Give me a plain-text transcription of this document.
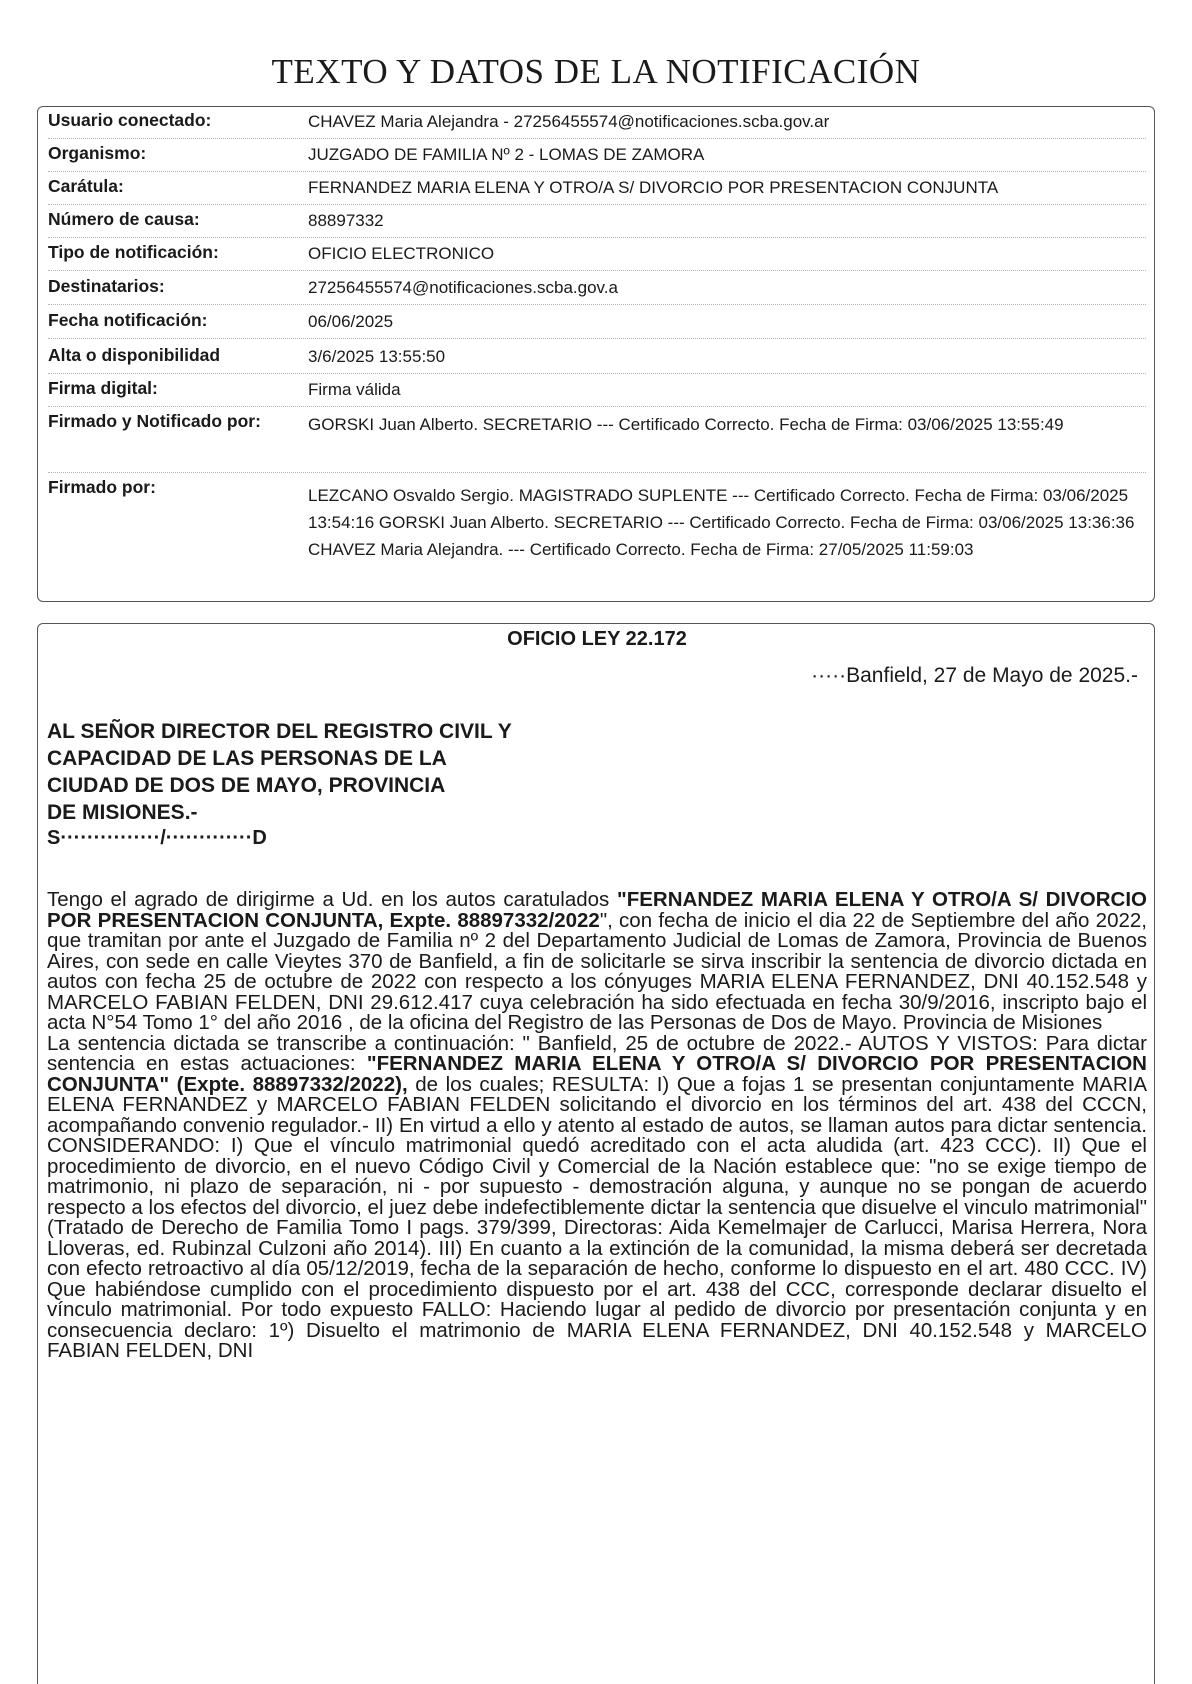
TEXTO Y DATOS DE LA NOTIFICACIÓN
Usuario conectado:	CHAVEZ Maria Alejandra - 27256455574@notificaciones.scba.gov.ar
Organismo:	JUZGADO DE FAMILIA Nº 2 - LOMAS DE ZAMORA
Carátula:	FERNANDEZ MARIA ELENA Y OTRO/A S/ DIVORCIO POR PRESENTACION CONJUNTA
Número de causa:	88897332
Tipo de notificación:	OFICIO ELECTRONICO
Destinatarios:	27256455574@notificaciones.scba.gov.a
Fecha notificación:	06/06/2025
Alta o disponibilidad	3/6/2025 13:55:50
Firma digital:	Firma válida
Firmado y Notificado por:	GORSKI Juan Alberto. SECRETARIO --- Certificado Correcto. Fecha de Firma: 03/06/2025 13:55:49
Firmado por:	LEZCANO Osvaldo Sergio. MAGISTRADO SUPLENTE --- Certificado Correcto. Fecha de Firma: 03/06/2025 13:54:16 GORSKI Juan Alberto. SECRETARIO --- Certificado Correcto. Fecha de Firma: 03/06/2025 13:36:36 CHAVEZ Maria Alejandra. --- Certificado Correcto. Fecha de Firma: 27/05/2025 11:59:03
OFICIO LEY 22.172
·····Banfield, 27 de Mayo de 2025.-
AL SEÑOR DIRECTOR DEL REGISTRO CIVIL Y
CAPACIDAD DE LAS PERSONAS DE LA
CIUDAD DE DOS DE MAYO, PROVINCIA
DE MISIONES.-
S···············/·············D

Tengo el agrado de dirigirme a Ud. en los autos caratulados "FERNANDEZ MARIA ELENA Y OTRO/A S/ DIVORCIO POR PRESENTACION CONJUNTA, Expte. 88897332/2022", con fecha de inicio el dia 22 de Septiembre del año 2022, que tramitan por ante el Juzgado de Familia nº 2 del Departamento Judicial de Lomas de Zamora, Provincia de Buenos Aires, con sede en calle Vieytes 370 de Banfield, a fin de solicitarle se sirva inscribir la sentencia de divorcio dictada en autos con fecha 25 de octubre de 2022 con respecto a los cónyuges MARIA ELENA FERNANDEZ, DNI 40.152.548 y MARCELO FABIAN FELDEN, DNI 29.612.417 cuya celebración ha sido efectuada en fecha 30/9/2016, inscripto bajo el acta N°54 Tomo 1° del año 2016 , de la oficina del Registro de las Personas de Dos de Mayo. Provincia de Misiones

La sentencia dictada se transcribe a continuación: " Banfield, 25 de octubre de 2022.- AUTOS Y VISTOS: Para dictar sentencia en estas actuaciones: "FERNANDEZ MARIA ELENA Y OTRO/A S/ DIVORCIO POR PRESENTACION CONJUNTA" (Expte. 88897332/2022), de los cuales; RESULTA: I) Que a fojas 1 se presentan conjuntamente MARIA ELENA FERNANDEZ y MARCELO FABIAN FELDEN solicitando el divorcio en los términos del art. 438 del CCCN, acompañando convenio regulador.- II) En virtud a ello y atento al estado de autos, se llaman autos para dictar sentencia. CONSIDERANDO: I) Que el vínculo matrimonial quedó acreditado con el acta aludida (art. 423 CCC). II) Que el procedimiento de divorcio, en el nuevo Código Civil y Comercial de la Nación establece que: "no se exige tiempo de matrimonio, ni plazo de separación, ni - por supuesto - demostración alguna, y aunque no se pongan de acuerdo respecto a los efectos del divorcio, el juez debe indefectiblemente dictar la sentencia que disuelve el vinculo matrimonial" (Tratado de Derecho de Familia Tomo I pags. 379/399, Directoras: Aida Kemelmajer de Carlucci, Marisa Herrera, Nora Lloveras, ed. Rubinzal Culzoni año 2014). III) En cuanto a la extinción de la comunidad, la misma deberá ser decretada con efecto retroactivo al día 05/12/2019, fecha de la separación de hecho, conforme lo dispuesto en el art. 480 CCC. IV) Que habiéndose cumplido con el procedimiento dispuesto por el art. 438 del CCC, corresponde declarar disuelto el vínculo matrimonial. Por todo expuesto FALLO: Haciendo lugar al pedido de divorcio por presentación conjunta y en consecuencia declaro: 1º) Disuelto el matrimonio de MARIA ELENA FERNANDEZ, DNI 40.152.548 y MARCELO FABIAN FELDEN, DNI
